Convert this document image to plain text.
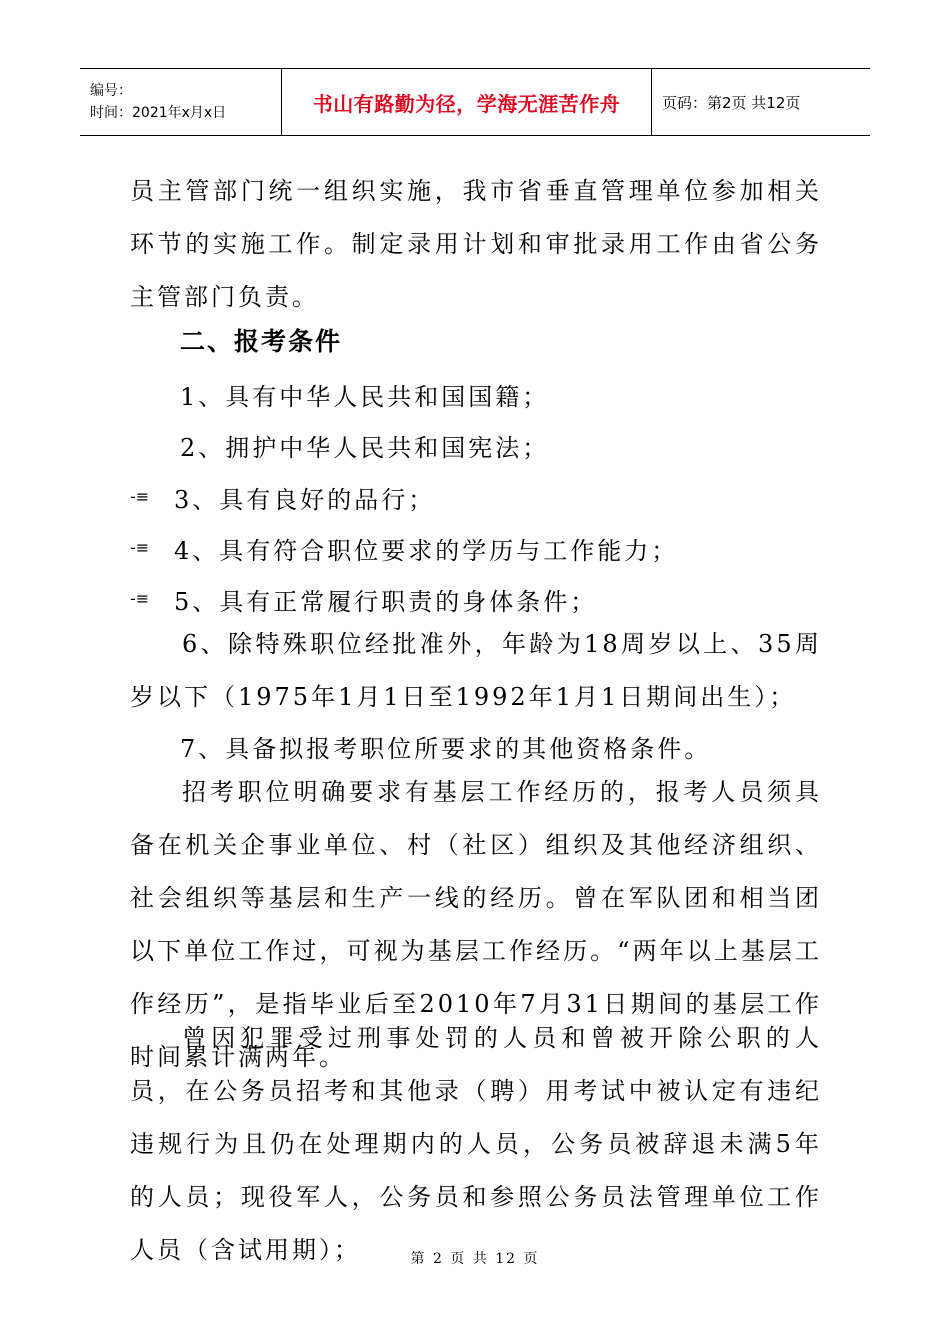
编号：
时间：2021年x月x日	书山有路勤为径，学海无涯苦作舟	页码：第2页 共12页
员主管部门统一组织实施，我市省垂直管理单位参加相关环节的实施工作。制定录用计划和审批录用工作由省公务主管部门负责。
二、报考条件
1、具有中华人民共和国国籍；
2、拥护中华人民共和国宪法；
-≡ 3、具有良好的品行；
-≡ 4、具有符合职位要求的学历与工作能力；
-≡ 5、具有正常履行职责的身体条件；
6、除特殊职位经批准外，年龄为18周岁以上、35周岁以下（1975年1月1日至1992年1月1日期间出生）；
7、具备拟报考职位所要求的其他资格条件。
招考职位明确要求有基层工作经历的，报考人员须具备在机关企事业单位、村（社区）组织及其他经济组织、社会组织等基层和生产一线的经历。曾在军队团和相当团以下单位工作过，可视为基层工作经历。“两年以上基层工作经历”，是指毕业后至2010年7月31日期间的基层工作时间累计满两年。
曾因犯罪受过刑事处罚的人员和曾被开除公职的人员，在公务员招考和其他录（聘）用考试中被认定有违纪违规行为且仍在处理期内的人员，公务员被辞退未满5年的人员；现役军人，公务员和参照公务员法管理单位工作人员（含试用期）；	第 2 页 共 12 页
